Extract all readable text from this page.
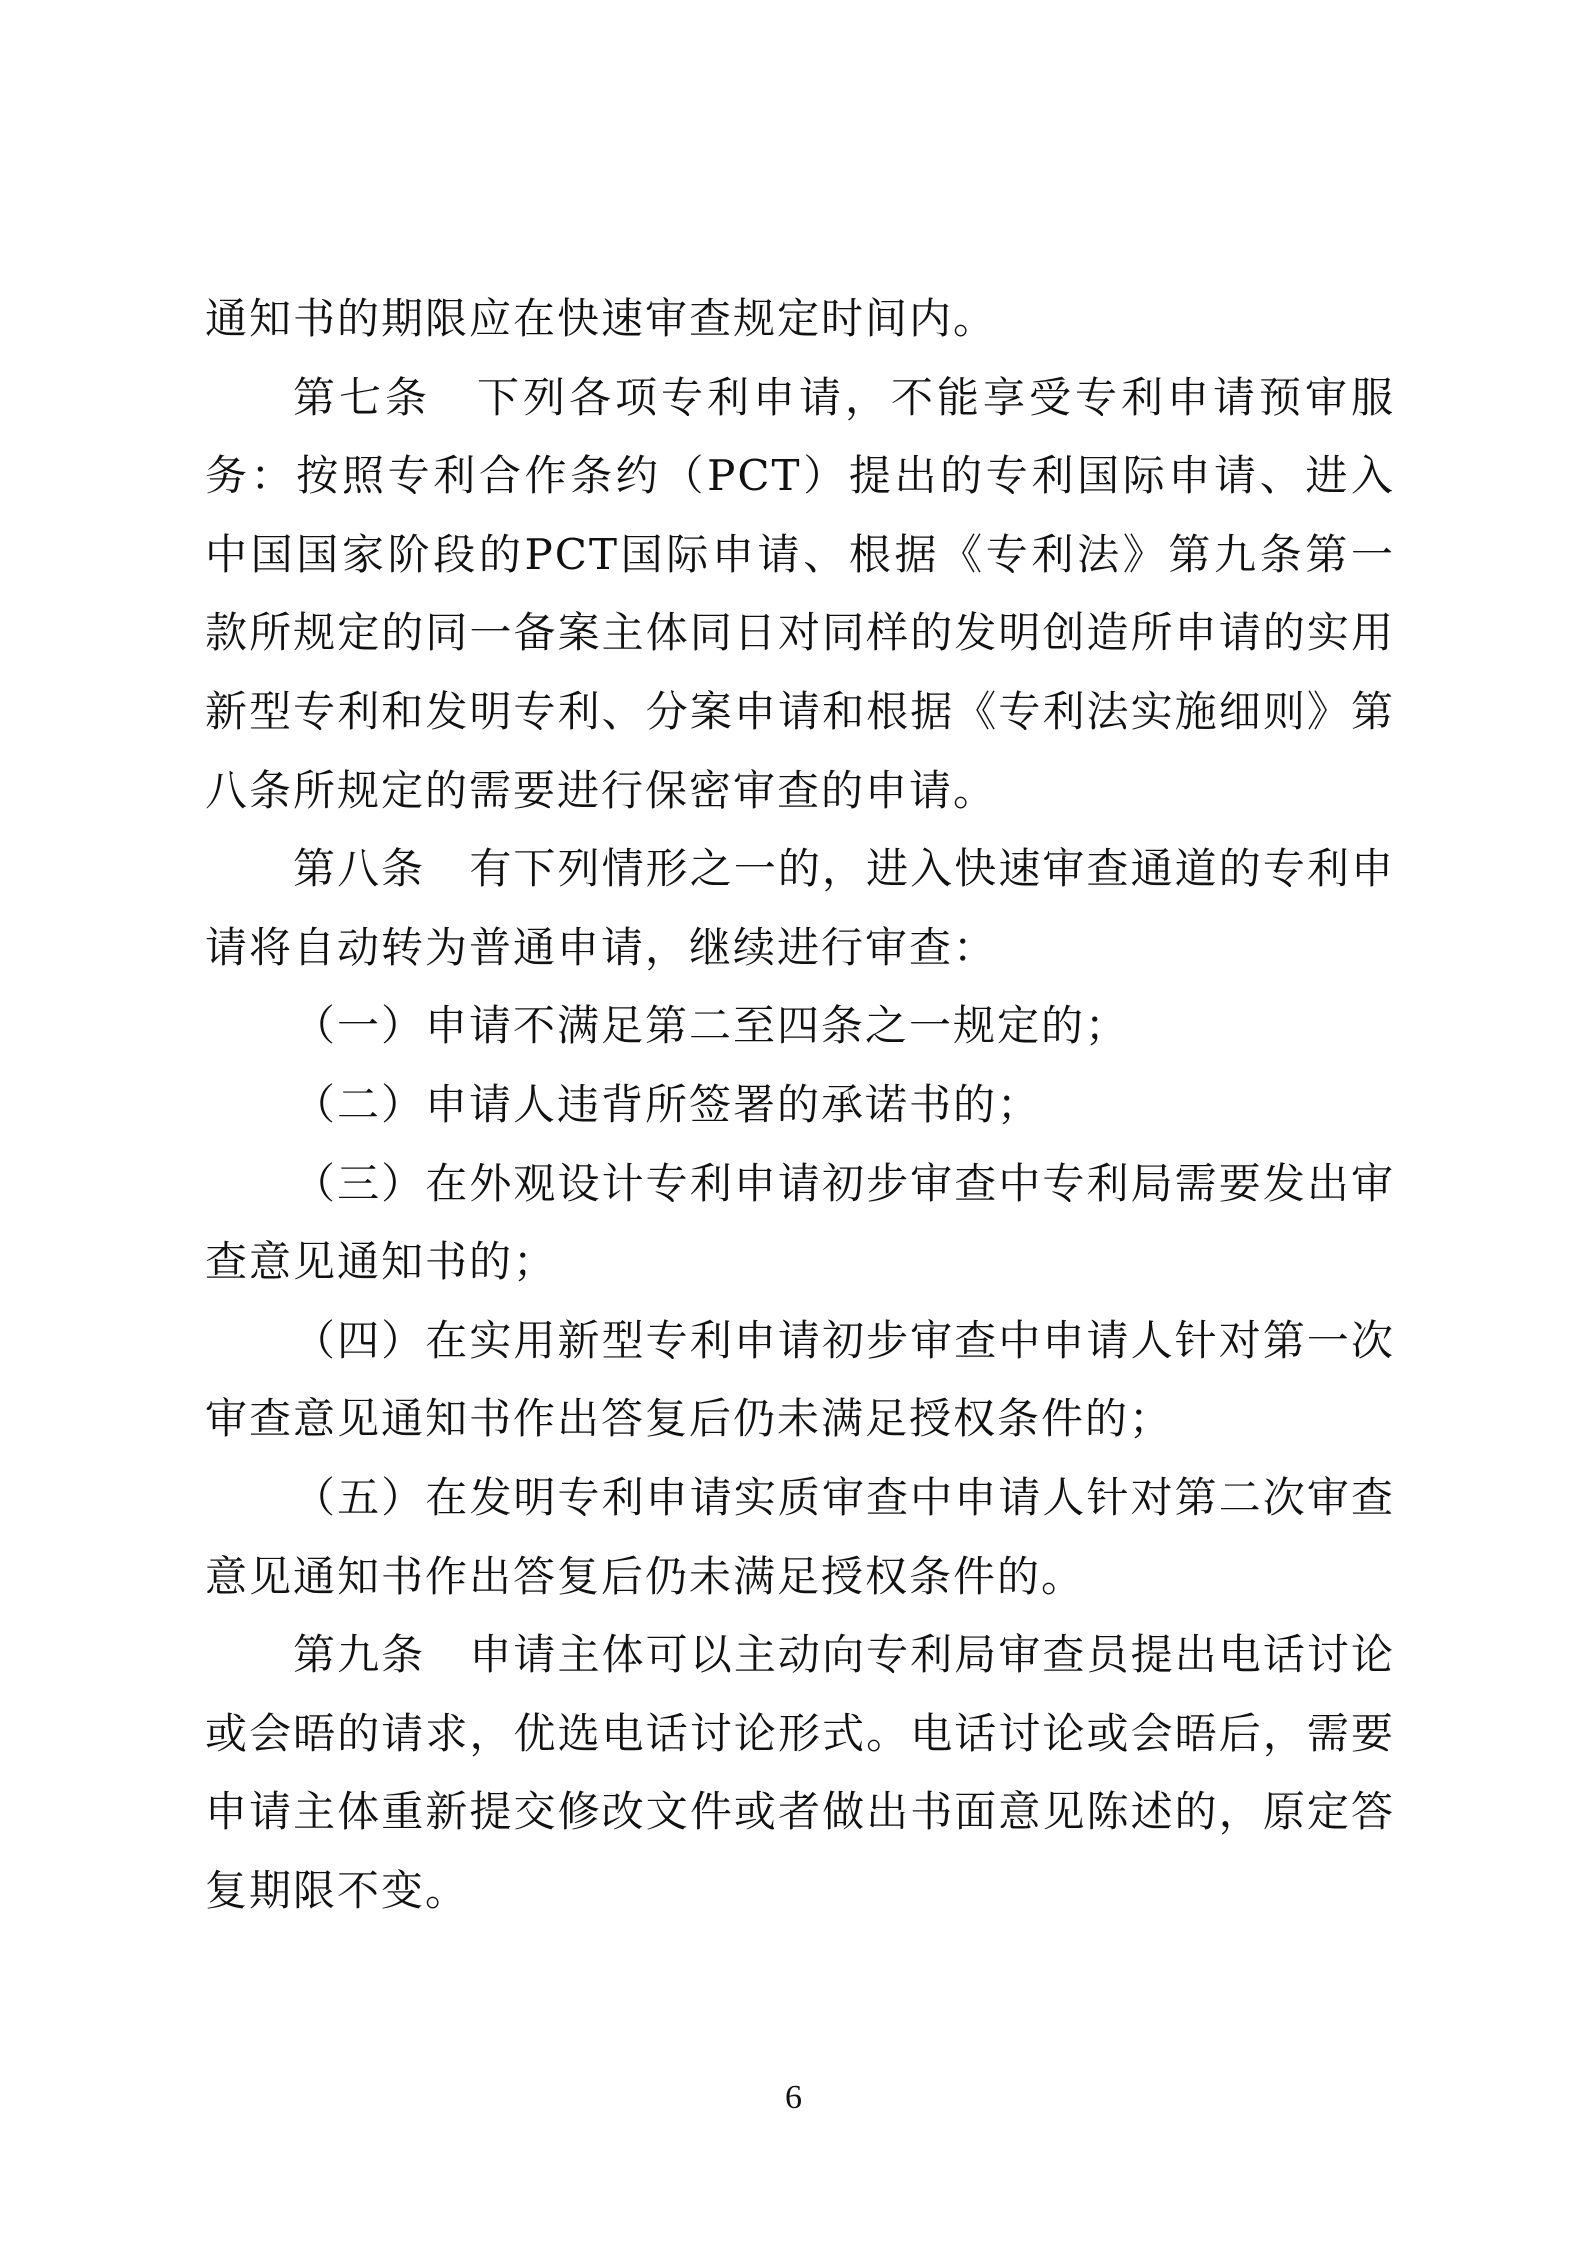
通知书的期限应在快速审查规定时间内。

第七条　下列各项专利申请，不能享受专利申请预审服务：按照专利合作条约（PCT）提出的专利国际申请、进入中国国家阶段的PCT国际申请、根据《专利法》第九条第一款所规定的同一备案主体同日对同样的发明创造所申请的实用新型专利和发明专利、分案申请和根据《专利法实施细则》第八条所规定的需要进行保密审查的申请。

第八条　有下列情形之一的，进入快速审查通道的专利申请将自动转为普通申请，继续进行审查：

（一）申请不满足第二至四条之一规定的；

（二）申请人违背所签署的承诺书的；

（三）在外观设计专利申请初步审查中专利局需要发出审查意见通知书的；

（四）在实用新型专利申请初步审查中申请人针对第一次审查意见通知书作出答复后仍未满足授权条件的；

（五）在发明专利申请实质审查中申请人针对第二次审查意见通知书作出答复后仍未满足授权条件的。

第九条　申请主体可以主动向专利局审查员提出电话讨论或会晤的请求，优选电话讨论形式。电话讨论或会晤后，需要申请主体重新提交修改文件或者做出书面意见陈述的，原定答复期限不变。

6
